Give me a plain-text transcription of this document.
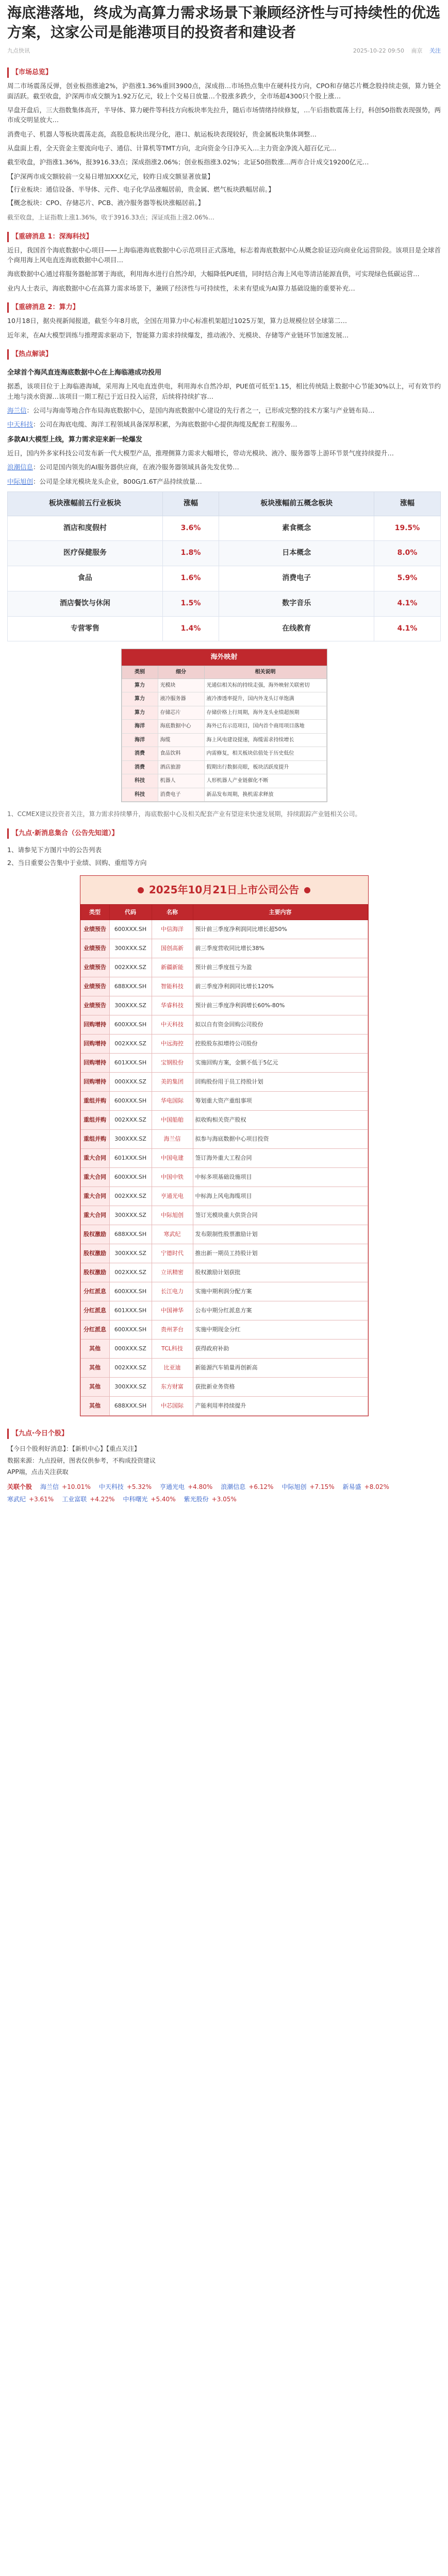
海底港落地，终成为高算力需求场景下兼顾经济性与可持续性的优选方案，这家公司是能港项目的投资者和建设者
九点快讯	2025-10-22 09:50 南京 关注
【市场总览】
周二市场震荡反弹，创业板指涨逾2%，沪指涨1.36%重回3900点，深成指…市场热点集中在硬科技方向，CPO和存储芯片概念股持续走强，算力链全面活跃。截至收盘，沪深两市成交额为1.92万亿元，较上个交易日放量…个股涨多跌少，全市场超4300只个股上涨…
早盘开盘后，三大指数集体高开，半导体、算力硬件等科技方向板块率先拉升，随后市场情绪持续修复，…午后指数震荡上行，科创50指数表现强势，两市成交明显放大…
消费电子、机器人等板块震荡走高，高股息板块出现分化，港口、航运板块表现较好，贵金属板块集体调整…
从盘面上看，全天资金主要流向电子、通信、计算机等TMT方向，北向资金今日净买入…主力资金净流入超百亿元…
截至收盘，沪指涨1.36%，报3916.33点；深成指涨2.06%；创业板指涨3.02%；北证50指数涨…两市合计成交19200亿元…
【沪深两市成交额较前一交易日增加XXX亿元，较昨日成交额显著放量】
【行业板块：通信设备、半导体、元件、电子化学品涨幅居前，贵金属、燃气板块跌幅居前。】
【概念板块：CPO、存储芯片、PCB、液冷服务器等板块涨幅居前。】
截至收盘，上证指数上涨1.36%，收于3916.33点；深证成指上涨2.06%…
【重磅消息 1：深海科技】
近日，我国首个海底数据中心项目——上海临港海底数据中心示范项目正式落地，标志着海底数据中心从概念验证迈向商业化运营阶段。该项目是全球首个商用海上风电直连海底数据中心项目…
海底数据中心通过将服务器舱部署于海底，利用海水进行自然冷却，大幅降低PUE值，同时结合海上风电等清洁能源直供，可实现绿色低碳运营…
业内人士表示，海底数据中心在高算力需求场景下，兼顾了经济性与可持续性，未来有望成为AI算力基础设施的重要补充…
【重磅消息 2：算力】
10月18日，据央视新闻报道，截至今年8月底，全国在用算力中心标准机架超过1025万架，算力总规模位居全球第二…
近年来，在AI大模型训练与推理需求驱动下，智能算力需求持续爆发，推动液冷、光模块、存储等产业链环节加速发展…
【热点解读】
全球首个海风直连海底数据中心在上海临港成功投用
据悉，该项目位于上海临港海域，采用海上风电直连供电，利用海水自然冷却，PUE值可低至1.15，相比传统陆上数据中心节能30%以上，可有效节约土地与淡水资源…该项目一期工程已于近日投入运营，后续将持续扩容…
海兰信：公司与海南等地合作布局海底数据中心，是国内海底数据中心建设的先行者之一，已形成完整的技术方案与产业链布局…
中天科技：公司在海底电缆、海洋工程领域具备深厚积累，为海底数据中心提供海缆及配套工程服务…
多款AI大模型上线，算力需求迎来新一轮爆发
近日，国内外多家科技公司发布新一代大模型产品，推理侧算力需求大幅增长，带动光模块、液冷、服务器等上游环节景气度持续提升…
浪潮信息：公司是国内领先的AI服务器供应商，在液冷服务器领域具备先发优势…
中际旭创：公司是全球光模块龙头企业，800G/1.6T产品持续放量…
板块涨幅前五行业板块	涨幅	板块涨幅前五概念板块	涨幅
酒店和度假村	3.6%	素食概念	19.5%
医疗保健服务	1.8%	日本概念	8.0%
食品	1.6%	消费电子	5.9%
酒店餐饮与休闲	1.5%	数字音乐	4.1%
专营零售	1.4%	在线教育	4.1%
海外映射
类别	细分	相关说明
算力	光模块	光通信相关标的持续走强，海外映射关联密切
算力	液冷服务器	液冷渗透率提升，国内外龙头订单饱满
算力	存储芯片	存储价格上行周期，海外龙头业绩超预期
海洋	海底数据中心	海外已有示范项目，国内首个商用项目落地
海洋	海缆	海上风电建设提速，海缆需求持续增长
消费	食品饮料	内需修复，相关板块估值处于历史低位
消费	酒店旅游	假期出行数据亮眼，板块活跃度提升
科技	机器人	人形机器人产业链催化不断
科技	消费电子	新品发布周期，换机需求释放
1、CCMEX建议投资者关注，算力需求持续攀升，海底数据中心及相关配套产业有望迎来快速发展期，持续跟踪产业链相关公司。
【九点·新消息集合（公告先知道）】
1、请参见下方图片中的公告列表
2、当日重要公告集中于业绩、回购、重组等方向
2025年10月21日上市公司公告
类型	代码	名称	主要内容
业绩预告	600XXX.SH	中信海洋	预计前三季度净利润同比增长超50%
业绩预告	300XXX.SZ	国创高新	前三季度营收同比增长38%
业绩预告	002XXX.SZ	新疆新能	预计前三季度扭亏为盈
业绩预告	688XXX.SH	智能科技	前三季度净利润同比增长120%
业绩预告	300XXX.SZ	华睿科技	预计前三季度净利润增长60%-80%
回购增持	600XXX.SH	中天科技	拟以自有资金回购公司股份
回购增持	002XXX.SZ	中远海控	控股股东拟增持公司股份
回购增持	601XXX.SH	宝钢股份	实施回购方案，金额不低于5亿元
回购增持	000XXX.SZ	美的集团	回购股份用于员工持股计划
重组并购	600XXX.SH	华电国际	筹划重大资产重组事项
重组并购	002XXX.SZ	中国船舶	拟收购相关资产股权
重组并购	300XXX.SZ	海兰信	拟参与海底数据中心项目投资
重大合同	601XXX.SH	中国电建	签订海外重大工程合同
重大合同	600XXX.SH	中国中铁	中标多项基础设施项目
重大合同	002XXX.SZ	亨通光电	中标海上风电海缆项目
重大合同	300XXX.SZ	中际旭创	签订光模块重大供货合同
股权激励	688XXX.SH	寒武纪	发布限制性股票激励计划
股权激励	300XXX.SZ	宁德时代	推出新一期员工持股计划
股权激励	002XXX.SZ	立讯精密	股权激励计划获批
分红派息	600XXX.SH	长江电力	实施中期利润分配方案
分红派息	601XXX.SH	中国神华	公布中期分红派息方案
分红派息	600XXX.SH	贵州茅台	实施中期现金分红
其他	000XXX.SZ	TCL科技	获得政府补助
其他	002XXX.SZ	比亚迪	新能源汽车销量再创新高
其他	300XXX.SZ	东方财富	获批新业务资格
其他	688XXX.SH	中芯国际	产能利用率持续提升
【九点·今日个股】
【今日个股利好消息】：【新机中心】【重点关注】
数据来源：九点投研，图表仅供参考，不构成投资建议
APP端，点击关注获取
关联个股 海兰信 +10.01% 中天科技 +5.32% 亨通光电 +4.80% 浪潮信息 +6.12% 中际旭创 +7.15% 新易盛 +8.02%
寒武纪 +3.61% 工业富联 +4.22% 中科曙光 +5.40% 紫光股份 +3.05%
